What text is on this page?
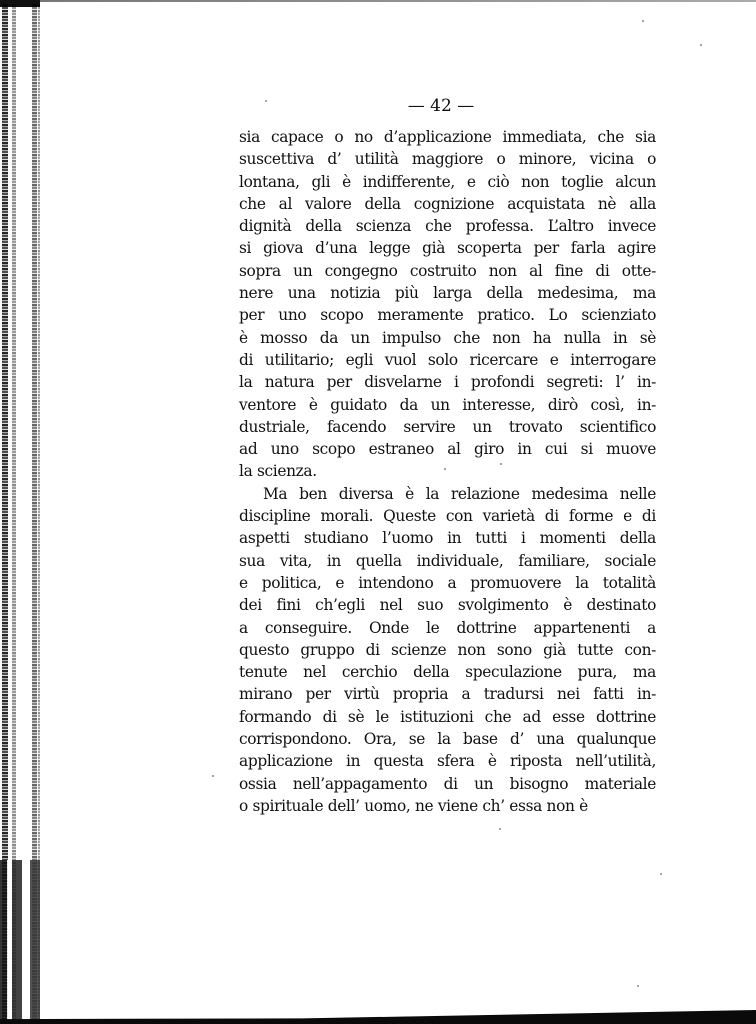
— 42 —
sia capace o no d’applicazione immediata, che sia
suscettiva d’ utilità maggiore o minore, vicina o
lontana, gli è indifferente, e ciò non toglie alcun
che al valore della cognizione acquistata nè alla
dignità della scienza che professa. L’altro invece
si giova d’una legge già scoperta per farla agire
sopra un congegno costruito non al fine di otte-
nere una notizia più larga della medesima, ma
per uno scopo meramente pratico. Lo scienziato
è mosso da un impulso che non ha nulla in sè
di utilitario; egli vuol solo ricercare e interrogare
la natura per disvelarne i profondi segreti: l’ in-
ventore è guidato da un interesse, dirò così, in-
dustriale, facendo servire un trovato scientifico
ad uno scopo estraneo al giro in cui si muove
la scienza.
Ma ben diversa è la relazione medesima nelle
discipline morali. Queste con varietà di forme e di
aspetti studiano l’uomo in tutti i momenti della
sua vita, in quella individuale, familiare, sociale
e politica, e intendono a promuovere la totalità
dei fini ch’egli nel suo svolgimento è destinato
a conseguire. Onde le dottrine appartenenti a
questo gruppo di scienze non sono già tutte con-
tenute nel cerchio della speculazione pura, ma
mirano per virtù propria a tradursi nei fatti in-
formando di sè le istituzioni che ad esse dottrine
corrispondono. Ora, se la base d’ una qualunque
applicazione in questa sfera è riposta nell’utilità,
ossia nell’appagamento di un bisogno materiale
o spirituale dell’ uomo, ne viene ch’ essa non è
